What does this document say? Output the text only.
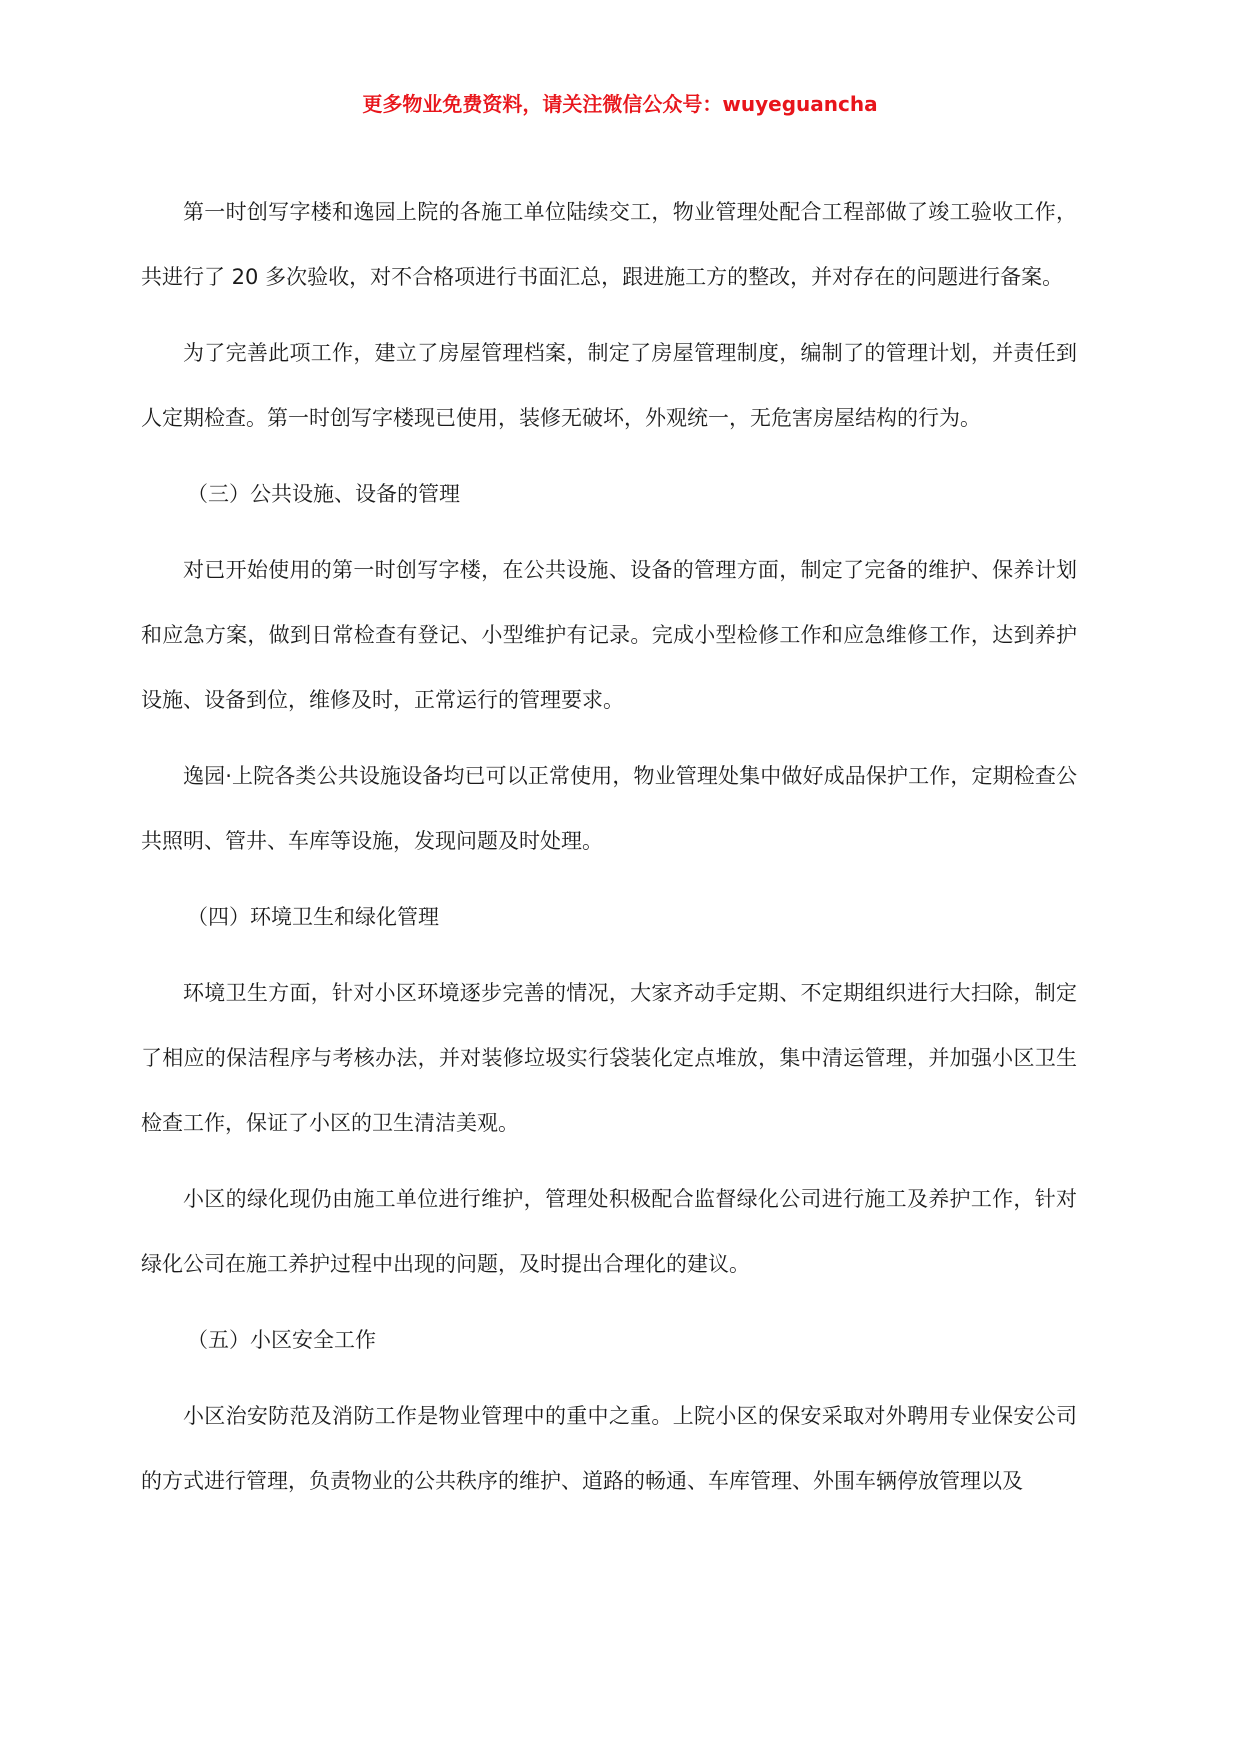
更多物业免费资料，请关注微信公众号：wuyeguancha

第一时创写字楼和逸园上院的各施工单位陆续交工，物业管理处配合工程部做了竣工验收工作，共进行了 20 多次验收，对不合格项进行书面汇总，跟进施工方的整改，并对存在的问题进行备案。

为了完善此项工作，建立了房屋管理档案，制定了房屋管理制度，编制了的管理计划，并责任到人定期检查。第一时创写字楼现已使用，装修无破坏，外观统一，无危害房屋结构的行为。

（三）公共设施、设备的管理

对已开始使用的第一时创写字楼，在公共设施、设备的管理方面，制定了完备的维护、保养计划和应急方案，做到日常检查有登记、小型维护有记录。完成小型检修工作和应急维修工作，达到养护设施、设备到位，维修及时，正常运行的管理要求。

逸园·上院各类公共设施设备均已可以正常使用，物业管理处集中做好成品保护工作，定期检查公共照明、管井、车库等设施，发现问题及时处理。

（四）环境卫生和绿化管理

环境卫生方面，针对小区环境逐步完善的情况，大家齐动手定期、不定期组织进行大扫除，制定了相应的保洁程序与考核办法，并对装修垃圾实行袋装化定点堆放，集中清运管理，并加强小区卫生检查工作，保证了小区的卫生清洁美观。

小区的绿化现仍由施工单位进行维护，管理处积极配合监督绿化公司进行施工及养护工作，针对绿化公司在施工养护过程中出现的问题，及时提出合理化的建议。

（五）小区安全工作

小区治安防范及消防工作是物业管理中的重中之重。上院小区的保安采取对外聘用专业保安公司的方式进行管理，负责物业的公共秩序的维护、道路的畅通、车库管理、外围车辆停放管理以及
